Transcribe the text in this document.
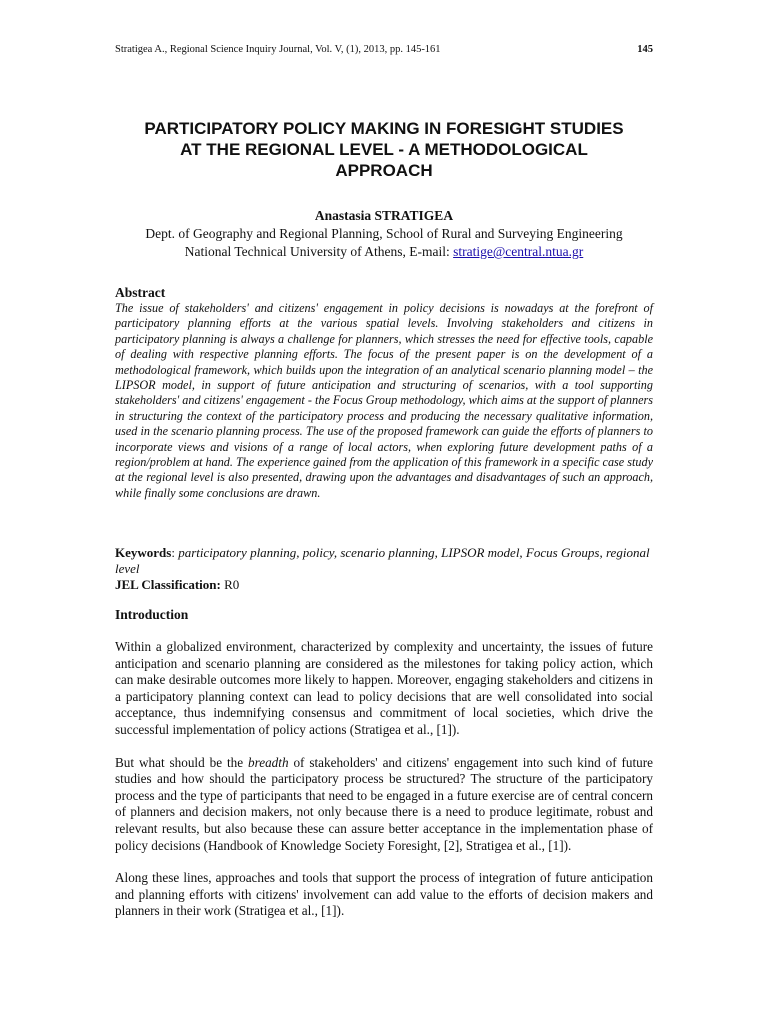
Stratigea A., Regional Science Inquiry Journal, Vol. V, (1), 2013, pp. 145-161	145
PARTICIPATORY POLICY MAKING IN FORESIGHT STUDIES
AT THE REGIONAL LEVEL - A METHODOLOGICAL
APPROACH
Anastasia STRATIGEA
Dept. of Geography and Regional Planning, School of Rural and Surveying Engineering
National Technical University of Athens, E-mail: stratige@central.ntua.gr
Abstract

The issue of stakeholders' and citizens' engagement in policy decisions is nowadays at the forefront of participatory planning efforts at the various spatial levels. Involving stakeholders and citizens in participatory planning is always a challenge for planners, which stresses the need for effective tools, capable of dealing with respective planning efforts. The focus of the present paper is on the development of a methodological framework, which builds upon the integration of an analytical scenario planning model – the LIPSOR model, in support of future anticipation and structuring of scenarios, with a tool supporting stakeholders' and citizens' engagement - the Focus Group methodology, which aims at the support of planners in structuring the context of the participatory process and producing the necessary qualitative information, used in the scenario planning process. The use of the proposed framework can guide the efforts of planners to incorporate views and visions of a range of local actors, when exploring future development paths of a region/problem at hand. The experience gained from the application of this framework in a specific case study at the regional level is also presented, drawing upon the advantages and disadvantages of such an approach, while finally some conclusions are drawn.

Keywords: participatory planning, policy, scenario planning, LIPSOR model, Focus Groups, regional level
JEL Classification: R0
Introduction

Within a globalized environment, characterized by complexity and uncertainty, the issues of future anticipation and scenario planning are considered as the milestones for taking policy action, which can make desirable outcomes more likely to happen. Moreover, engaging stakeholders and citizens in a participatory planning context can lead to policy decisions that are well consolidated into social acceptance, thus indemnifying consensus and commitment of local societies, which drive the successful implementation of policy actions (Stratigea et al., [1]).

But what should be the breadth of stakeholders' and citizens' engagement into such kind of future studies and how should the participatory process be structured? The structure of the participatory process and the type of participants that need to be engaged in a future exercise are of central concern of planners and decision makers, not only because there is a need to produce legitimate, robust and relevant results, but also because these can assure better acceptance in the implementation phase of policy decisions (Handbook of Knowledge Society Foresight, [2], Stratigea et al., [1]).

Along these lines, approaches and tools that support the process of integration of future anticipation and planning efforts with citizens' involvement can add value to the efforts of decision makers and planners in their work (Stratigea et al., [1]).
